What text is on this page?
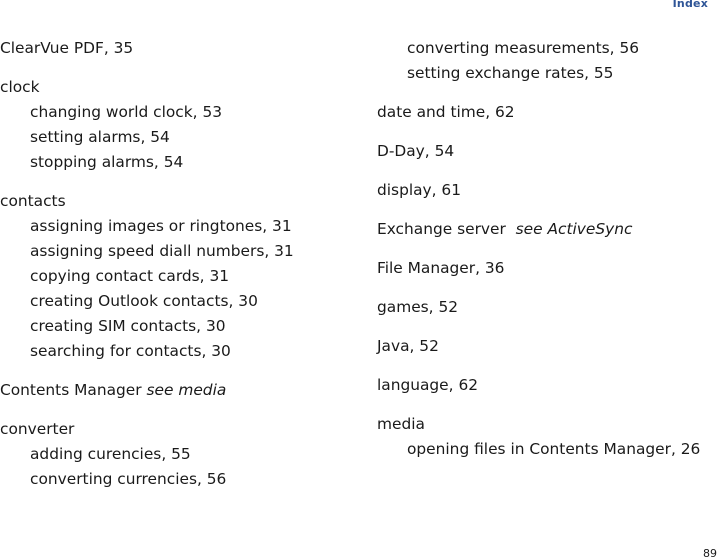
Index
ClearVue PDF, 35
clock
changing world clock, 53
setting alarms, 54
stopping alarms, 54
contacts
assigning images or ringtones, 31
assigning speed diall numbers, 31
copying contact cards, 31
creating Outlook contacts, 30
creating SIM contacts, 30
searching for contacts, 30
Contents Manager see media
converter
adding curencies, 55
converting currencies, 56
converting measurements, 56
setting exchange rates, 55
date and time, 62
D-Day, 54
display, 61
Exchange server see ActiveSync
File Manager, 36
games, 52
Java, 52
language, 62
media
opening files in Contents Manager, 26
89
